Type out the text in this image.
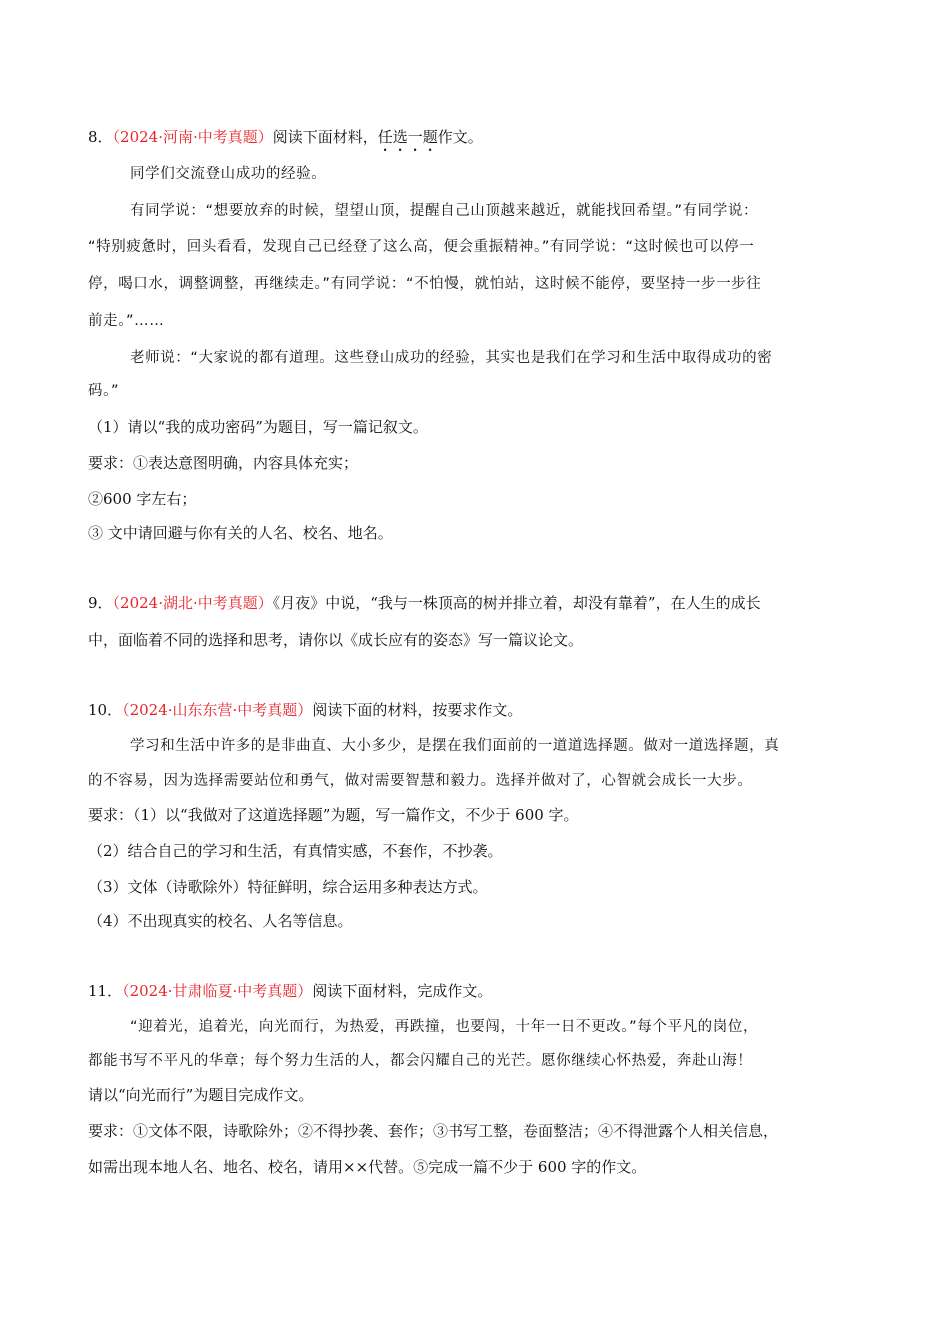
8．（2024·河南·中考真题）阅读下面材料，任选一题作文。
同学们交流登山成功的经验。
有同学说：“想要放弃的时候，望望山顶，提醒自己山顶越来越近，就能找回希望。”有同学说：
“特别疲惫时，回头看看，发现自己已经登了这么高，便会重振精神。”有同学说：“这时候也可以停一
停，喝口水，调整调整，再继续走。”有同学说：“不怕慢，就怕站，这时候不能停，要坚持一步一步往
前走。”……
老师说：“大家说的都有道理。这些登山成功的经验，其实也是我们在学习和生活中取得成功的密
码。”
（1）请以“我的成功密码”为题目，写一篇记叙文。
要求：①表达意图明确，内容具体充实；
②600 字左右；
③ 文中请回避与你有关的人名、校名、地名。
9．（2024·湖北·中考真题）《月夜》中说，“我与一株顶高的树并排立着，却没有靠着”，在人生的成长
中，面临着不同的选择和思考，请你以《成长应有的姿态》写一篇议论文。
10．（2024·山东东营·中考真题）阅读下面的材料，按要求作文。
学习和生活中许多的是非曲直、大小多少，是摆在我们面前的一道道选择题。做对一道选择题，真
的不容易，因为选择需要站位和勇气，做对需要智慧和毅力。选择并做对了，心智就会成长一大步。
要求：（1）以“我做对了这道选择题”为题，写一篇作文，不少于 600 字。
（2）结合自己的学习和生活，有真情实感，不套作，不抄袭。
（3）文体（诗歌除外）特征鲜明，综合运用多种表达方式。
（4）不出现真实的校名、人名等信息。
11．（2024·甘肃临夏·中考真题）阅读下面材料，完成作文。
“迎着光，追着光，向光而行，为热爱，再跌撞，也要闯，十年一日不更改。”每个平凡的岗位，
都能书写不平凡的华章；每个努力生活的人，都会闪耀自己的光芒。愿你继续心怀热爱，奔赴山海！
请以“向光而行”为题目完成作文。
要求：①文体不限，诗歌除外；②不得抄袭、套作；③书写工整，卷面整洁；④不得泄露个人相关信息，
如需出现本地人名、地名、校名，请用××代替。⑤完成一篇不少于 600 字的作文。
